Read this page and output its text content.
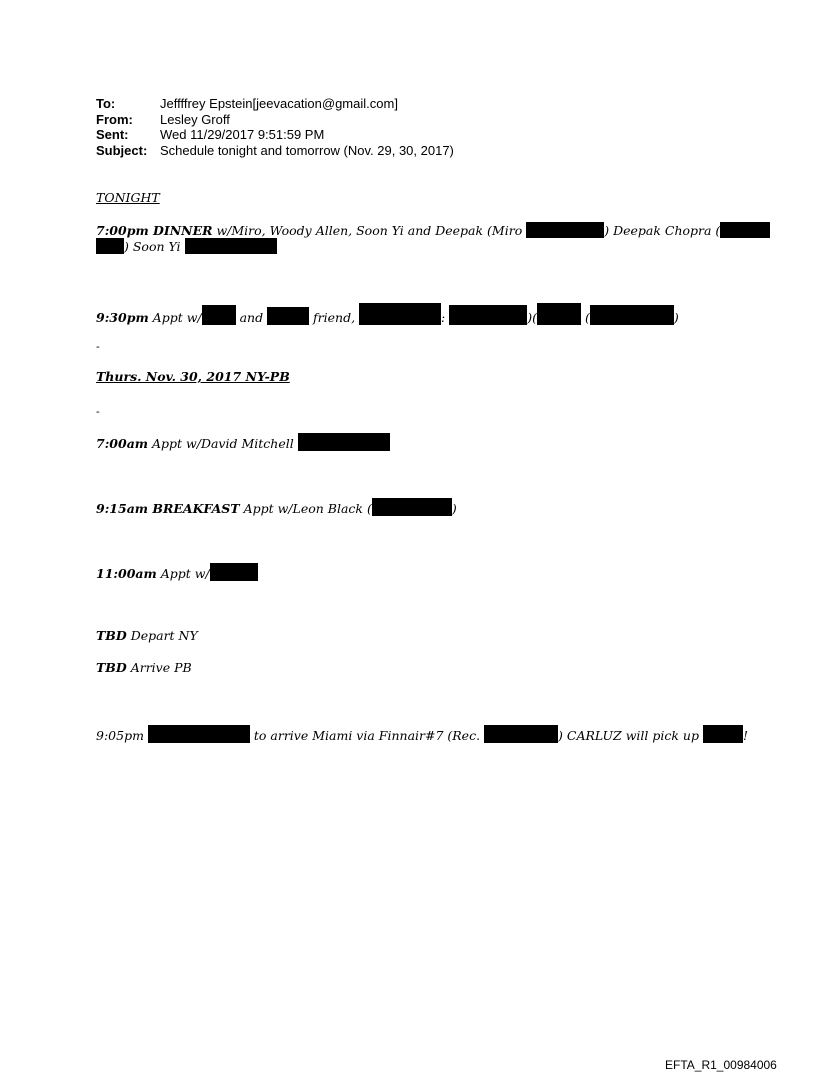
To:	Jeffffrey Epstein[jeevacation@gmail.com]
From:	Lesley Groff
Sent:	Wed 11/29/2017 9:51:59 PM
Subject: Schedule tonight and tomorrow (Nov. 29, 30, 2017)
TONIGHT
7:00pm DINNER w/Miro, Woody Allen, Soon Yi and Deepak (Miro	) Deepak Chopra (
) Soon Yi
9:30pm Appt w/	and	friend,	:	)(	(	)
-
Thurs. Nov. 30, 2017 NY-PB
-
7:00am Appt w/David Mitchell
9:15am BREAKFAST Appt w/Leon Black (	)
11:00am Appt w/
TBD Depart NY
TBD Arrive PB
9:05pm	to arrive Miami via Finnair#7 (Rec.	) CARLUZ will pick up	!
EFTA_R1_00984006
